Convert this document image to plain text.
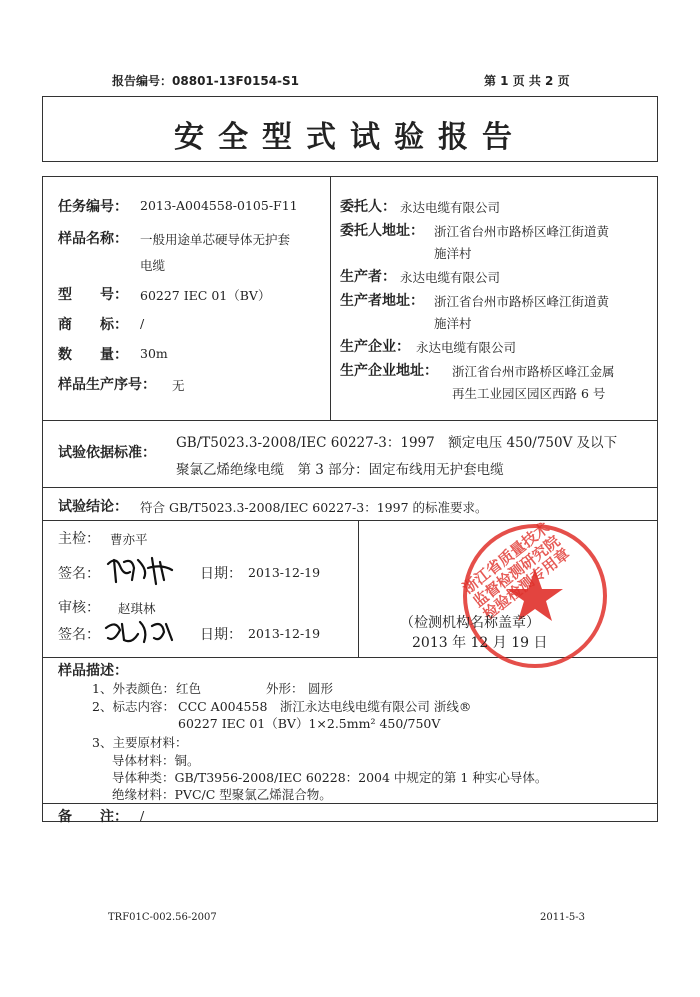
报告编号：08801-13F0154-S1	第 1 页 共 2 页
安全型式试验报告
任务编号： 2013-A004558-0105-F11
样品名称： 一般用途单芯硬导体无护套
电缆
型　　号： 60227 IEC 01（BV）
商　　标： /
数　　量： 30m
样品生产序号： 无
委托人： 永达电缆有限公司
委托人地址： 浙江省台州市路桥区峰江街道黄
施洋村
生产者： 永达电缆有限公司
生产者地址： 浙江省台州市路桥区峰江街道黄
施洋村
生产企业： 永达电缆有限公司
生产企业地址： 浙江省台州市路桥区峰江金属
再生工业园区园区西路 6 号
试验依据标准：
GB/T5023.3-2008/IEC 60227-3：1997　额定电压 450/750V 及以下
聚氯乙烯绝缘电缆　第 3 部分：固定布线用无护套电缆
试验结论： 符合 GB/T5023.3-2008/IEC 60227-3：1997 的标准要求。
主检： 曹亦平
签名：	日期： 2013-12-19
审核： 赵琪林
签名：	日期： 2013-12-19
浙江省质量技术监督检测研究院 检验检测专用章
（检测机构名称盖章）
2013 年 12 月 19 日
样品描述：
1、外表颜色： 红色	外形： 圆形
2、标志内容： CCC A004558　浙江永达电线电缆有限公司 浙线®
60227 IEC 01（BV）1×2.5mm² 450/750V
3、主要原材料：
导体材料：铜。
导体种类：GB/T3956-2008/IEC 60228：2004 中规定的第 1 种实心导体。
绝缘材料：PVC/C 型聚氯乙烯混合物。
备　　注： /
TRF01C-002.56-2007	2011-5-3
